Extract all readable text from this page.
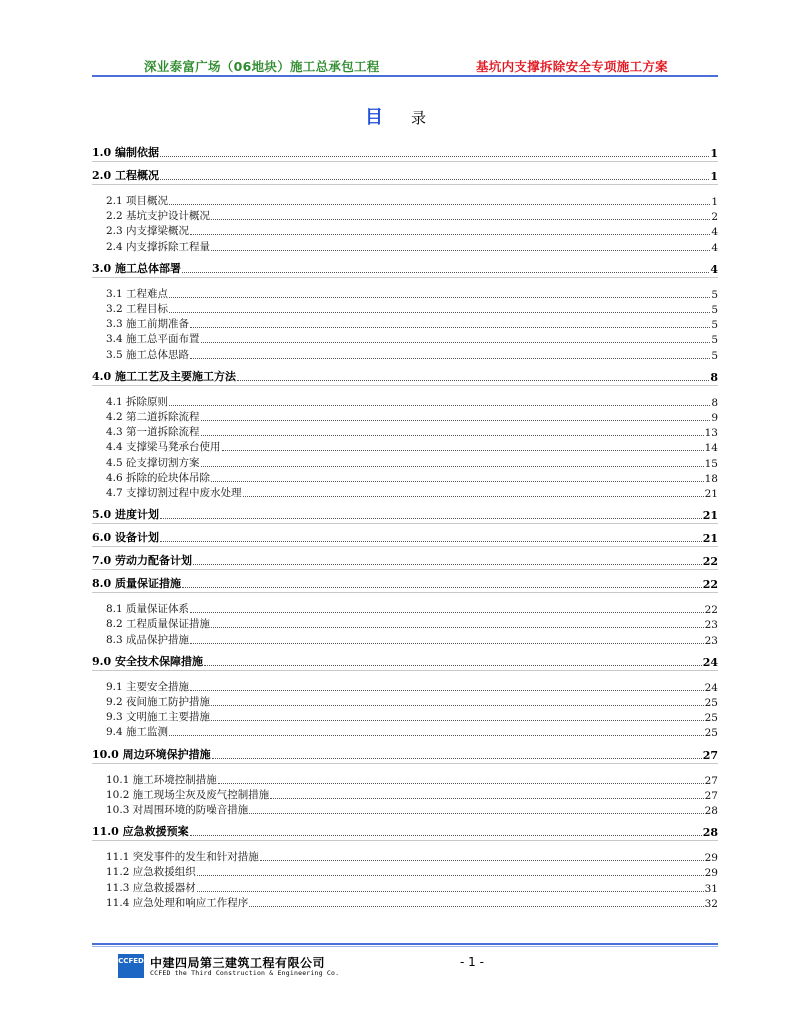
深业泰富广场（06地块）施工总承包工程	基坑内支撑拆除安全专项施工方案
目 录
1.0 编制依据	1
2.0 工程概况	1
2.1 项目概况	1
2.2 基坑支护设计概况	2
2.3 内支撑梁概况	4
2.4 内支撑拆除工程量	4
3.0 施工总体部署	4
3.1 工程难点	5
3.2 工程目标	5
3.3 施工前期准备	5
3.4 施工总平面布置	5
3.5 施工总体思路	5
4.0 施工工艺及主要施工方法	8
4.1 拆除原则	8
4.2 第二道拆除流程	9
4.3 第一道拆除流程	13
4.4 支撑梁马凳承台使用	14
4.5 砼支撑切割方案	15
4.6 拆除的砼块体吊除	18
4.7 支撑切割过程中废水处理	21
5.0 进度计划	21
6.0 设备计划	21
7.0 劳动力配备计划	22
8.0 质量保证措施	22
8.1 质量保证体系	22
8.2 工程质量保证措施	23
8.3 成品保护措施	23
9.0 安全技术保障措施	24
9.1 主要安全措施	24
9.2 夜间施工防护措施	25
9.3 文明施工主要措施	25
9.4 施工监测	25
10.0 周边环境保护措施	27
10.1 施工环境控制措施	27
10.2 施工现场尘灰及废气控制措施	27
10.3 对周围环境的防噪音措施	28
11.0 应急救援预案	28
11.1 突发事件的发生和针对措施	29
11.2 应急救援组织	29
11.3 应急救援器材	31
11.4 应急处理和响应工作程序	32
CCFED 中建四局第三建筑工程有限公司
CCFED the Third Construction & Engineering Co.
- 1 -
